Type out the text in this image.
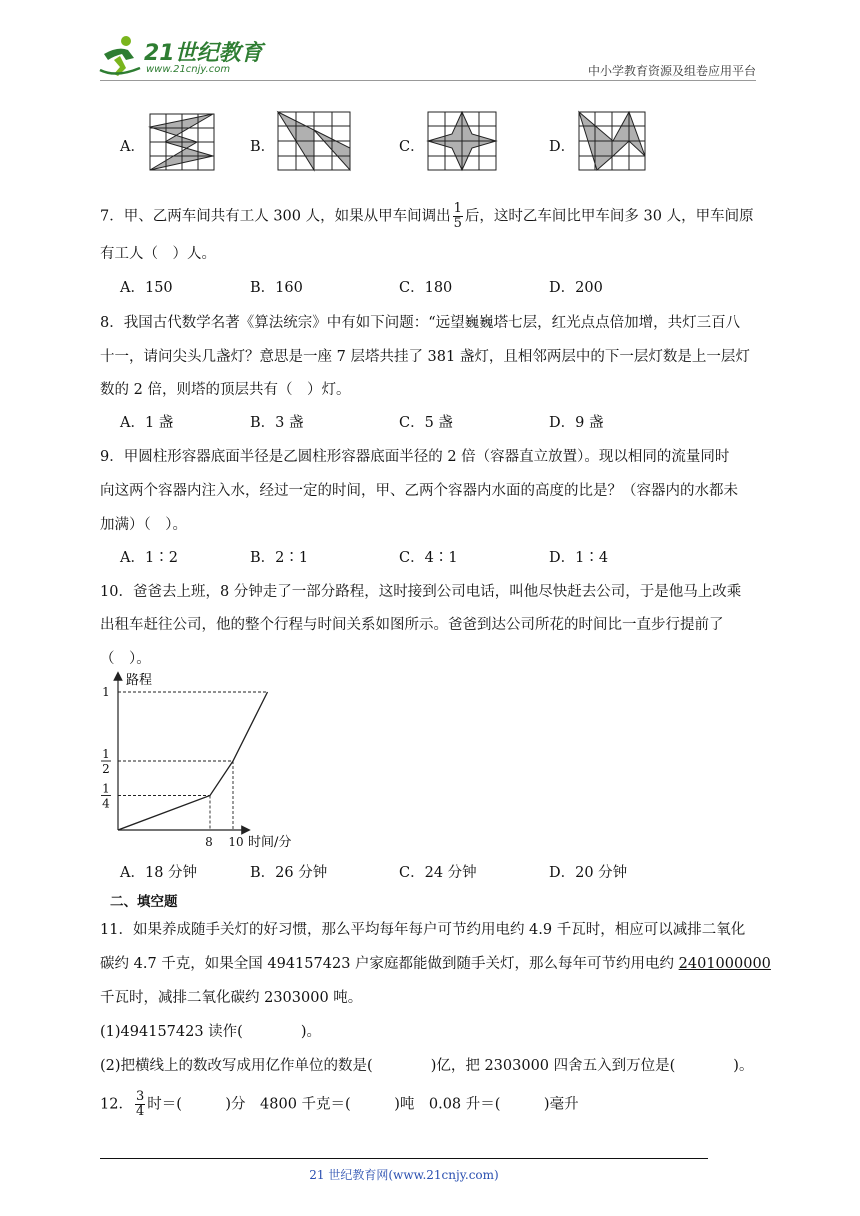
21世纪教育
www.21cnjy.com	中小学教育资源及组卷应用平台
A．	B．	C．	D．
7．甲、乙两车间共有工人 300 人，如果从甲车间调出 $\frac{1}{5}$ 后，这时乙车间比甲车间多 30 人，甲车间原
有工人（　）人。
A．150	B．160	C．180	D．200
8．我国古代数学名著《算法统宗》中有如下问题：“远望巍巍塔七层，红光点点倍加增，共灯三百八
十一，请问尖头几盏灯？意思是一座 7 层塔共挂了 381 盏灯，且相邻两层中的下一层灯数是上一层灯
数的 2 倍，则塔的顶层共有（　）灯。
A．1 盏	B．3 盏	C．5 盏	D．9 盏
9．甲圆柱形容器底面半径是乙圆柱形容器底面半径的 2 倍（容器直立放置）。现以相同的流量同时
向这两个容器内注入水，经过一定的时间，甲、乙两个容器内水面的高度的比是？（容器内的水都未
加满）（　）。
A．1∶2	B．2∶1	C．4∶1	D．1∶4
10．爸爸去上班，8 分钟走了一部分路程，这时接到公司电话，叫他尽快赶去公司，于是他马上改乘
出租车赶往公司，他的整个行程与时间关系如图所示。爸爸到达公司所花的时间比一直步行提前了
（　）。
路程
时间/分
8 10
1
1
2
1
4
A．18 分钟	B．26 分钟	C．24 分钟	D．20 分钟
二、填空题
11．如果养成随手关灯的好习惯，那么平均每年每户可节约用电约 4.9 千瓦时，相应可以减排二氧化
碳约 4.7 千克，如果全国 494157423 户家庭都能做到随手关灯，那么每年可节约用电约 2401000000
千瓦时，减排二氧化碳约 2303000 吨。
(1)494157423 读作(　　　　)。
(2)把横线上的数改写成用亿作单位的数是(　　　　)亿，把 2303000 四舍五入到万位是(　　　　)。
12． $\frac{3}{4}$ 时＝(　　　)分　4800 千克＝(　　　)吨　0.08 升＝(　　　)毫升
21 世纪教育网(www.21cnjy.com)
